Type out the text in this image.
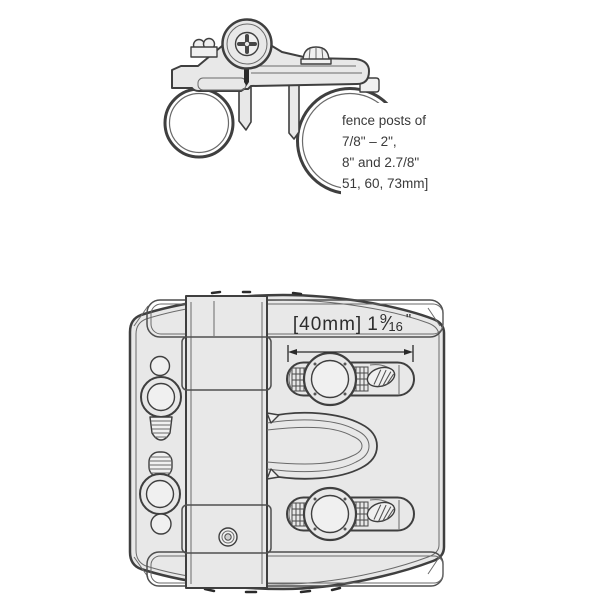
fence posts of
7/8" – 2",
8" and 2.7/8"
51, 60, 73mm]
[40mm] 1 $^9$⁄16 "
